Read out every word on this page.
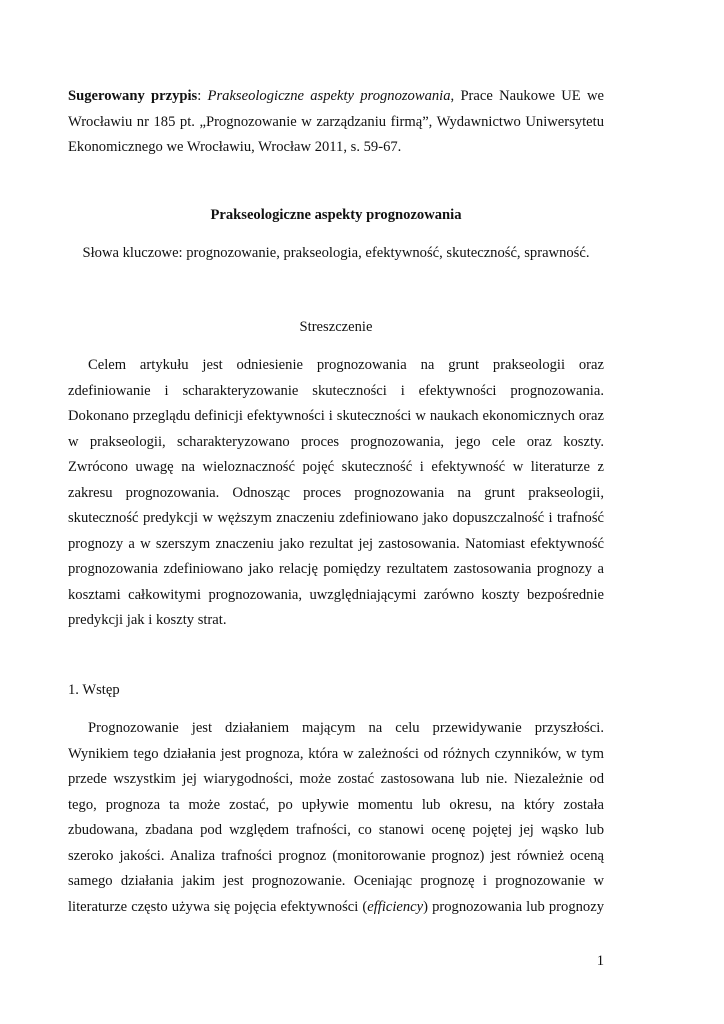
Sugerowany przypis: Prakseologiczne aspekty prognozowania, Prace Naukowe UE we
Wrocławiu nr 185 pt. „Prognozowanie w zarządzaniu firmą”, Wydawnictwo Uniwersytetu
Ekonomicznego we Wrocławiu, Wrocław 2011, s. 59-67.
Prakseologiczne aspekty prognozowania
Słowa kluczowe: prognozowanie, prakseologia, efektywność, skuteczność, sprawność.
Streszczenie
Celem artykułu jest odniesienie prognozowania na grunt prakseologii oraz
zdefiniowanie i scharakteryzowanie skuteczności i efektywności prognozowania.
Dokonano przeglądu definicji efektywności i skuteczności w naukach ekonomicznych oraz
w prakseologii, scharakteryzowano proces prognozowania, jego cele oraz koszty.
Zwrócono uwagę na wieloznaczność pojęć skuteczność i efektywność w literaturze z
zakresu prognozowania. Odnosząc proces prognozowania na grunt prakseologii,
skuteczność predykcji w węższym znaczeniu zdefiniowano jako dopuszczalność i trafność
prognozy a w szerszym znaczeniu jako rezultat jej zastosowania. Natomiast efektywność
prognozowania zdefiniowano jako relację pomiędzy rezultatem zastosowania prognozy a
kosztami całkowitymi prognozowania, uwzględniającymi zarówno koszty bezpośrednie
predykcji jak i koszty strat.
1. Wstęp
Prognozowanie jest działaniem mającym na celu przewidywanie przyszłości.
Wynikiem tego działania jest prognoza, która w zależności od różnych czynników, w tym
przede wszystkim jej wiarygodności, może zostać zastosowana lub nie. Niezależnie od
tego, prognoza ta może zostać, po upływie momentu lub okresu, na który została
zbudowana, zbadana pod względem trafności, co stanowi ocenę pojętej jej wąsko lub
szeroko jakości. Analiza trafności prognoz (monitorowanie prognoz) jest również oceną
samego działania jakim jest prognozowanie. Oceniając prognozę i prognozowanie w
literaturze często używa się pojęcia efektywności (efficiency) prognozowania lub prognozy
1
